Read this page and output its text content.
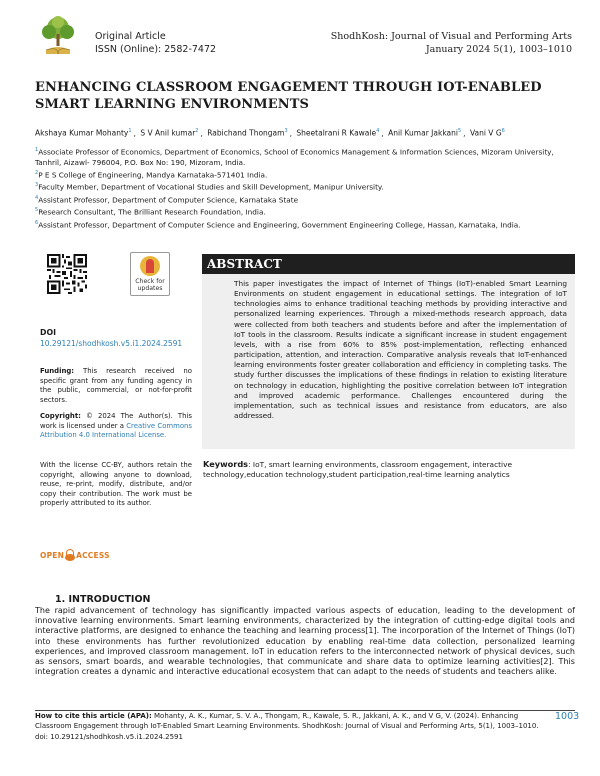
Original Article
ISSN (Online): 2582-7472
ShodhKosh: Journal of Visual and Performing Arts
January 2024 5(1), 1003–1010
ENHANCING CLASSROOM ENGAGEMENT THROUGH IOT-ENABLED SMART LEARNING ENVIRONMENTS
Akshaya Kumar Mohanty$^1$ , S V Anil kumar$^2$ , Rabichand Thongam$^3$ , Sheetalrani R Kawale$^4$ , Anil Kumar Jakkani$^5$ , Vani V $G^6$
$^1$Associate Professor of Economics, Department of Economics, School of Economics Management & Information Sciences, Mizoram University, Tanhril, Aizawl- 796004, P.O. Box No: 190, Mizoram, India.
$^2$P E S College of Engineering, Mandya Karnataka-571401 India.
$^3$Faculty Member, Department of Vocational Studies and Skill Development, Manipur University.
$^4$Assistant Professor, Department of Computer Science, Karnataka State
$^5$Research Consultant, The Brilliant Research Foundation, India.
$^6$Assistant Professor, Department of Computer Science and Engineering, Government Engineering College, Hassan, Karnataka, India.
Check for updates
DOI
10.29121/shodhkosh.v5.i1.2024.2591
Funding: This research received no specific grant from any funding agency in the public, commercial, or not-for-profit sectors.
Copyright: © 2024 The Author(s). This work is licensed under a Creative Commons Attribution 4.0 International License.
With the license CC-BY, authors retain the copyright, allowing anyone to download, reuse, re-print, modify, distribute, and/or copy their contribution. The work must be properly attributed to its author.
OPEN ACCESS
ABSTRACT
This paper investigates the impact of Internet of Things (IoT)-enabled Smart Learning Environments on student engagement in educational settings. The integration of IoT technologies aims to enhance traditional teaching methods by providing interactive and personalized learning experiences. Through a mixed-methods research approach, data were collected from both teachers and students before and after the implementation of IoT tools in the classroom. Results indicate a significant increase in student engagement levels, with a rise from 60% to 85% post-implementation, reflecting enhanced participation, attention, and interaction. Comparative analysis reveals that IoT-enhanced learning environments foster greater collaboration and efficiency in completing tasks. The study further discusses the implications of these findings in relation to existing literature on technology in education, highlighting the positive correlation between IoT integration and improved academic performance. Challenges encountered during the implementation, such as technical issues and resistance from educators, are also addressed.
Keywords: IoT, smart learning environments, classroom engagement, interactive technology,education technology,student participation,real-time learning analytics
1. INTRODUCTION
The rapid advancement of technology has significantly impacted various aspects of education, leading to the development of innovative learning environments. Smart learning environments, characterized by the integration of cutting-edge digital tools and interactive platforms, are designed to enhance the teaching and learning process[1]. The incorporation of the Internet of Things (IoT) into these environments has further revolutionized education by enabling real-time data collection, personalized learning experiences, and improved classroom management. IoT in education refers to the interconnected network of physical devices, such as sensors, smart boards, and wearable technologies, that communicate and share data to optimize learning activities[2]. This integration creates a dynamic and interactive educational ecosystem that can adapt to the needs of students and teachers alike.
How to cite this article (APA): Mohanty, A. K., Kumar, S. V. A., Thongam, R., Kawale, S. R., Jakkani, A. K., and V G, V. (2024). Enhancing Classroom Engagement through IoT-Enabled Smart Learning Environments. ShodhKosh: Journal of Visual and Performing Arts, 5(1), 1003–1010. doi: 10.29121/shodhkosh.v5.i1.2024.2591
1003
